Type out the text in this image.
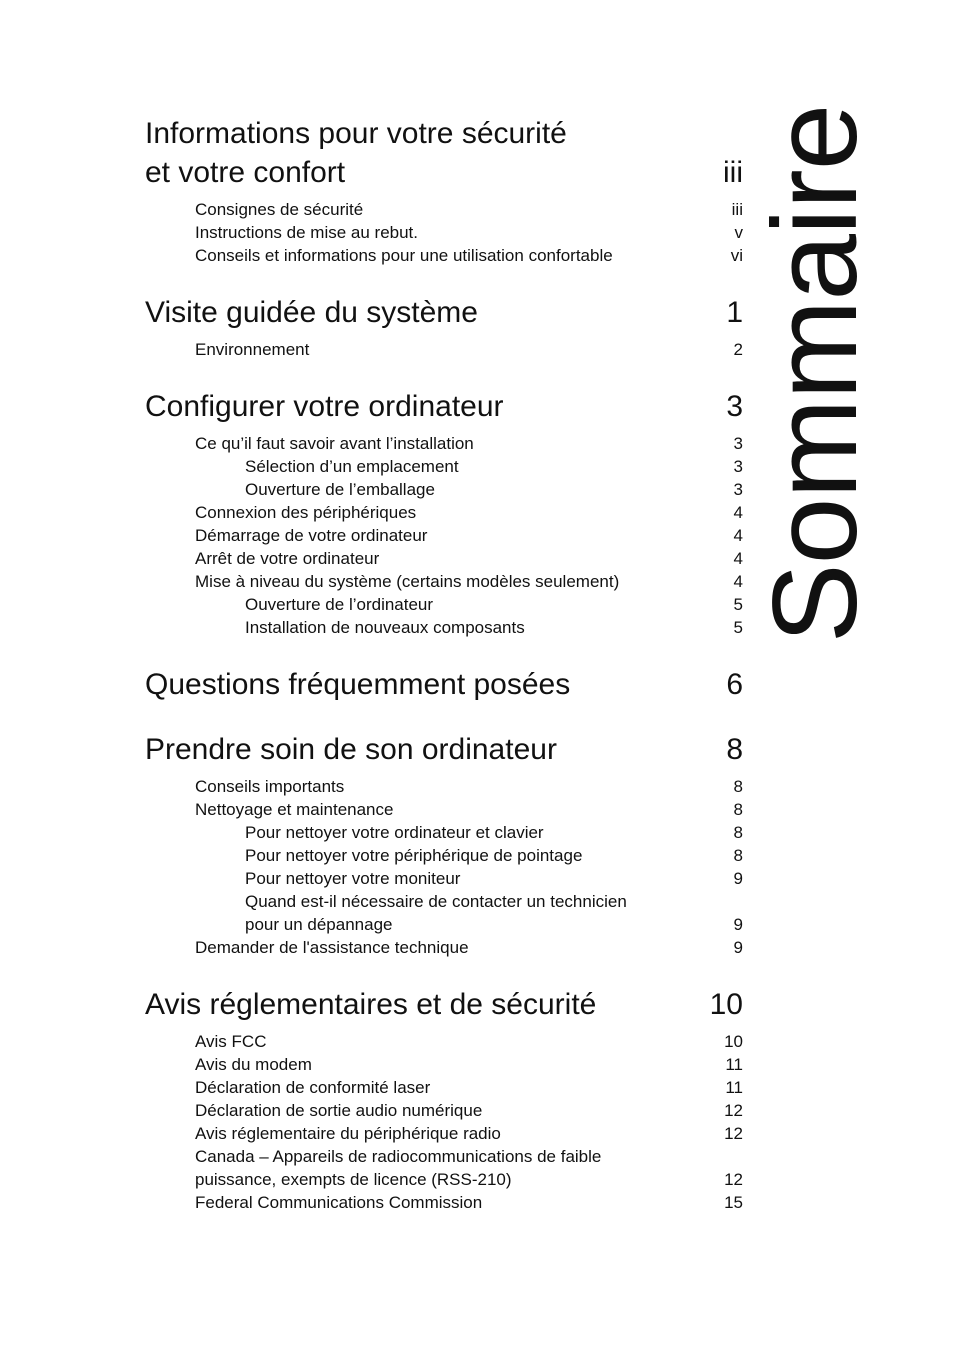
Informations pour votre sécurité
et votre confort	iii
Consignes de sécurité	iii
Instructions de mise au rebut.	v
Conseils et informations pour une utilisation confortable	vi
Visite guidée du système	1
Environnement	2
Configurer votre ordinateur	3
Ce qu’il faut savoir avant l’installation	3
Sélection d’un emplacement	3
Ouverture de l’emballage	3
Connexion des périphériques	4
Démarrage de votre ordinateur	4
Arrêt de votre ordinateur	4
Mise à niveau du système (certains modèles seulement)	4
Ouverture de l’ordinateur	5
Installation de nouveaux composants	5
Questions fréquemment posées	6
Prendre soin de son ordinateur	8
Conseils importants	8
Nettoyage et maintenance	8
Pour nettoyer votre ordinateur et clavier	8
Pour nettoyer votre périphérique de pointage	8
Pour nettoyer votre moniteur	9
Quand est-il nécessaire de contacter un technicien
pour un dépannage	9
Demander de l'assistance technique	9
Avis réglementaires et de sécurité	10
Avis FCC	10
Avis du modem	11
Déclaration de conformité laser	11
Déclaration de sortie audio numérique	12
Avis réglementaire du périphérique radio	12
Canada – Appareils de radiocommunications de faible
puissance, exempts de licence (RSS-210)	12
Federal Communications Commission	15
Sommaire
